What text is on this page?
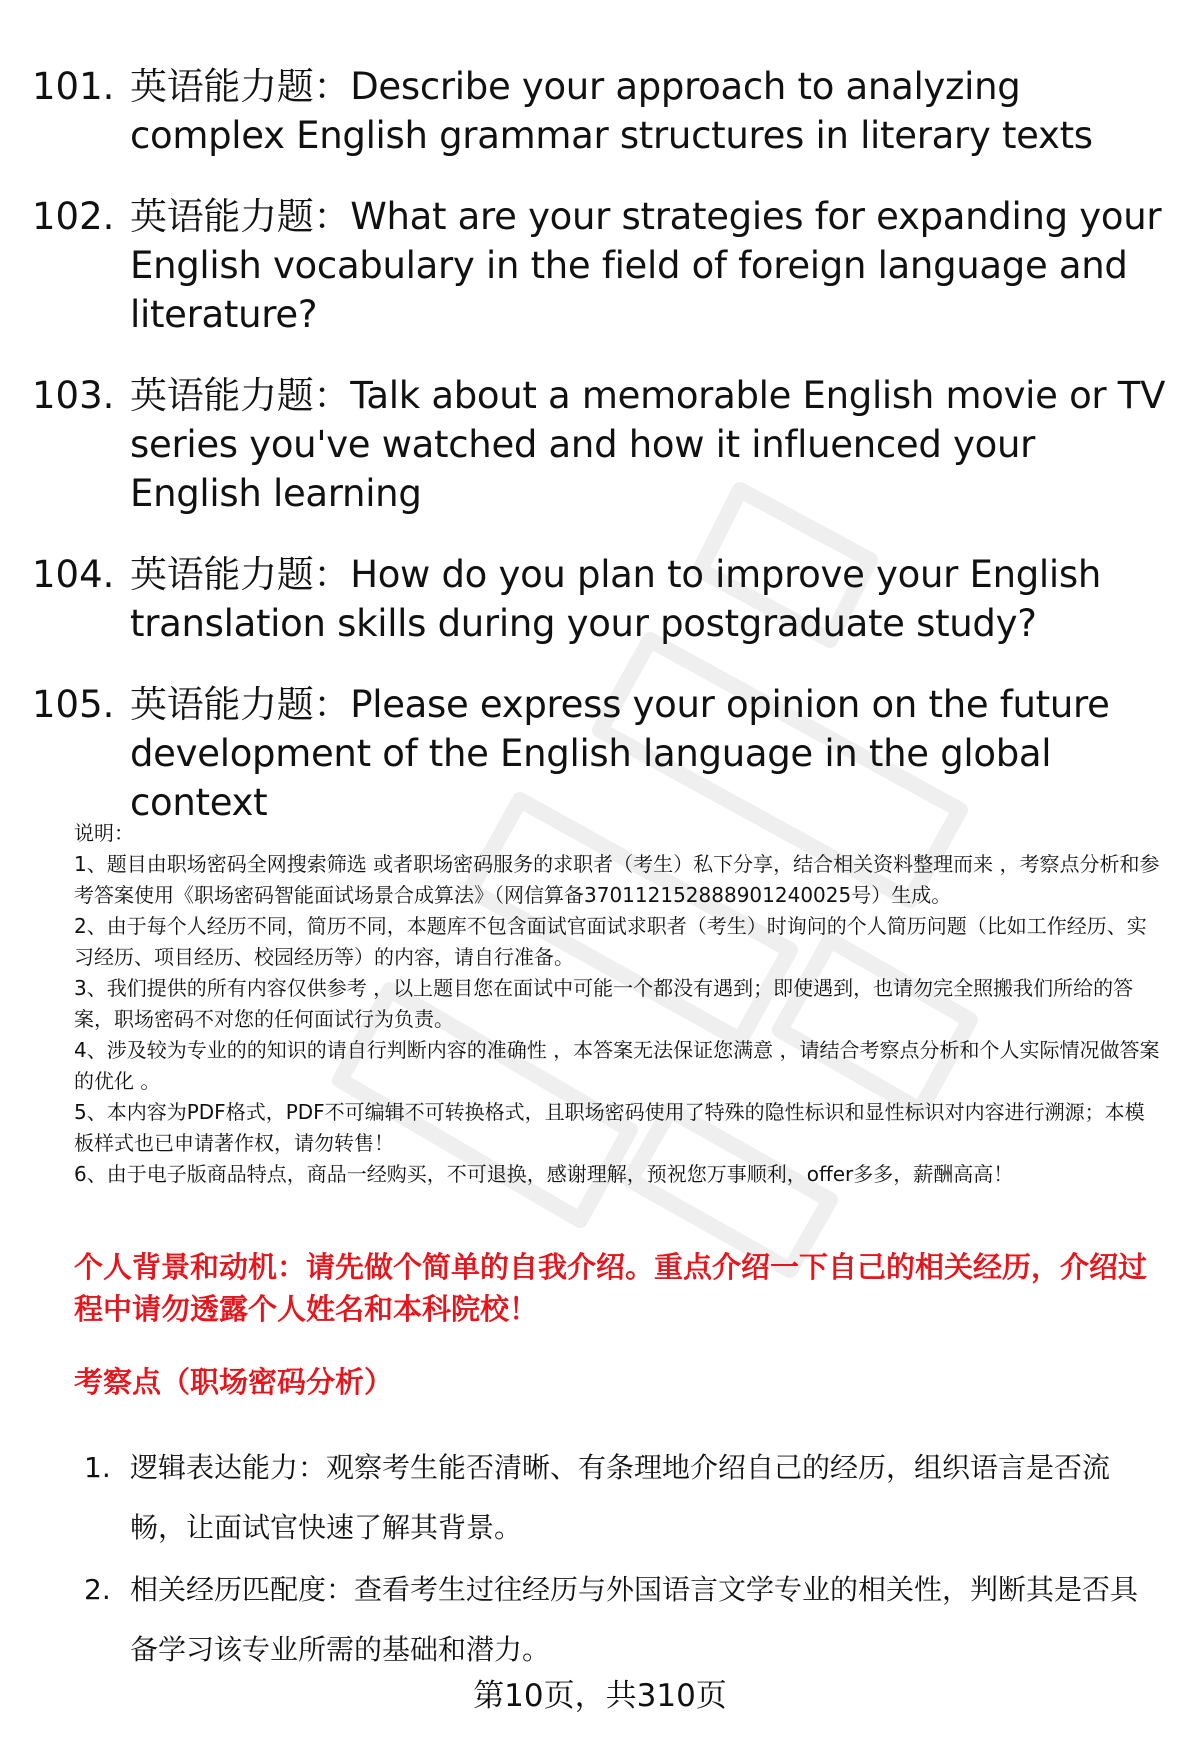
101. 英语能力题：Describe your approach to analyzing complex English grammar structures in literary texts
102. 英语能力题：What are your strategies for expanding your English vocabulary in the field of foreign language and literature?
103. 英语能力题：Talk about a memorable English movie or TV series you've watched and how it influenced your English learning
104. 英语能力题：How do you plan to improve your English translation skills during your postgraduate study?
105. 英语能力题：Please express your opinion on the future development of the English language in the global context

说明：

1、题目由职场密码全网搜索筛选 或者职场密码服务的求职者（考生）私下分享，结合相关资料整理而来 ，考察点分析和参考答案使用《职场密码智能面试场景合成算法》（网信算备370112152888901240025号）生成。

2、由于每个人经历不同，简历不同，本题库不包含面试官面试求职者（考生）时询问的个人简历问题（比如工作经历、实习经历、项目经历、校园经历等）的内容，请自行准备。

3、我们提供的所有内容仅供参考 ，以上题目您在面试中可能一个都没有遇到；即使遇到，也请勿完全照搬我们所给的答案，职场密码不对您的任何面试行为负责。

4、涉及较为专业的的知识的请自行判断内容的准确性 ，本答案无法保证您满意 ，请结合考察点分析和个人实际情况做答案的优化 。

5、本内容为PDF格式，PDF不可编辑不可转换格式，且职场密码使用了特殊的隐性标识和显性标识对内容进行溯源；本模板样式也已申请著作权，请勿转售！

6、由于电子版商品特点，商品一经购买，不可退换，感谢理解，预祝您万事顺利，offer多多，薪酬高高！

个人背景和动机：请先做个简单的自我介绍。重点介绍一下自己的相关经历，介绍过程中请勿透露个人姓名和本科院校！
考察点（职场密码分析）
1. 逻辑表达能力：观察考生能否清晰、有条理地介绍自己的经历，组织语言是否流畅，让面试官快速了解其背景。
2. 相关经历匹配度：查看考生过往经历与外国语言文学专业的相关性，判断其是否具备学习该专业所需的基础和潜力。
第10页，共310页
